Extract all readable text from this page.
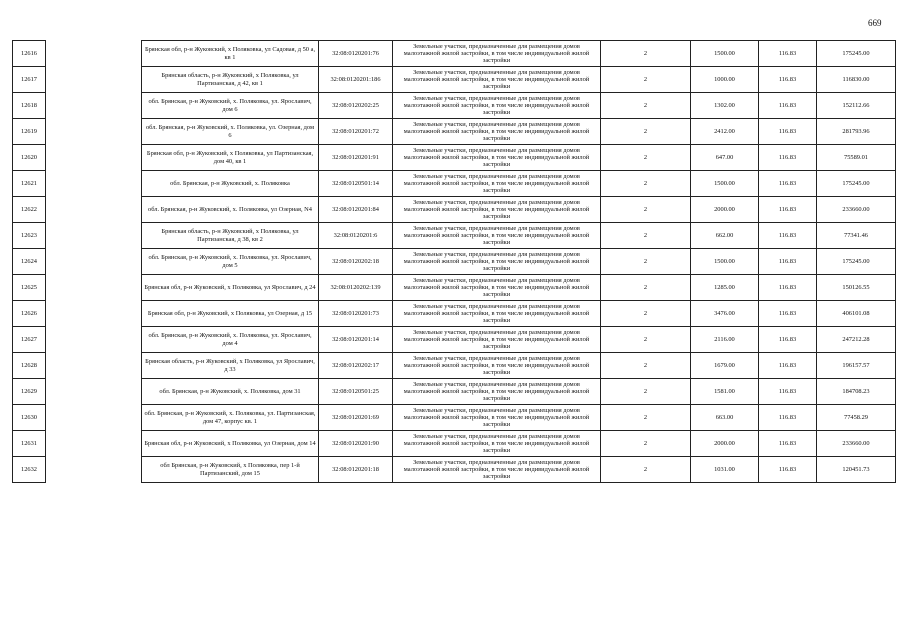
669
12616		Брянская обл, р-н Жуковский, х Поляковка, ул Садовая, д 50 а, кв 1	32:08:0120201:76	Земельные участки, предназначенные для размещения домов малоэтажной жилой застройки, в том числе индивидуальной жилой застройки	2	1500.00	116.83	175245.00
12617		Брянская область, р-н Жуковский, х Поляковка, ул Партизанская, д 42, кв 1	32:08:0120201:186	Земельные участки, предназначенные для размещения домов малоэтажной жилой застройки, в том числе индивидуальной жилой застройки	2	1000.00	116.83	116830.00
12618		обл. Брянская, р-н Жуковский, х. Поляковка, ул. Ярославич, дом 6	32:08:0120202:25	Земельные участки, предназначенные для размещения домов малоэтажной жилой застройки, в том числе индивидуальной жилой застройки	2	1302.00	116.83	152112.66
12619		обл. Брянская, р-н Жуковский, х. Поляковка, ул. Озерная, дом 6	32:08:0120201:72	Земельные участки, предназначенные для размещения домов малоэтажной жилой застройки, в том числе индивидуальной жилой застройки	2	2412.00	116.83	281793.96
12620		Брянская обл, р-н Жуковский, х Поляковка, ул Партизанская, дом 40, кв 1	32:08:0120201:91	Земельные участки, предназначенные для размещения домов малоэтажной жилой застройки, в том числе индивидуальной жилой застройки	2	647.00	116.83	75589.01
12621		обл. Брянская, р-н Жуковский, х. Поляковка	32:08:0120501:14	Земельные участки, предназначенные для размещения домов малоэтажной жилой застройки, в том числе индивидуальной жилой застройки	2	1500.00	116.83	175245.00
12622		обл. Брянская, р-н Жуковский, х. Поляковка, ул Озерная, N4	32:08:0120201:84	Земельные участки, предназначенные для размещения домов малоэтажной жилой застройки, в том числе индивидуальной жилой застройки	2	2000.00	116.83	233660.00
12623		Брянская область, р-н Жуковский, х Поляковка, ул Партизанская, д 38, кв 2	32:08:0120201:6	Земельные участки, предназначенные для размещения домов малоэтажной жилой застройки, в том числе индивидуальной жилой застройки	2	662.00	116.83	77341.46
12624		обл. Брянская, р-н Жуковский, х. Поляковка, ул. Ярославич, дом 5	32:08:0120202:18	Земельные участки, предназначенные для размещения домов малоэтажной жилой застройки, в том числе индивидуальной жилой застройки	2	1500.00	116.83	175245.00
12625		Брянская обл, р-н Жуковский, х Поляковка, ул Ярославич, д 24	32:08:0120202:139	Земельные участки, предназначенные для размещения домов малоэтажной жилой застройки, в том числе индивидуальной жилой застройки	2	1285.00	116.83	150126.55
12626		Брянская обл, р-н Жуковский, х Поляковка, ул Озерная, д 15	32:08:0120201:73	Земельные участки, предназначенные для размещения домов малоэтажной жилой застройки, в том числе индивидуальной жилой застройки	2	3476.00	116.83	406101.08
12627		обл. Брянская, р-н Жуковский, х. Поляковка, ул. Ярославич, дом 4	32:08:0120201:14	Земельные участки, предназначенные для размещения домов малоэтажной жилой застройки, в том числе индивидуальной жилой застройки	2	2116.00	116.83	247212.28
12628		Брянская область, р-н Жуковский, х Поляковка, ул Ярославич, д 33	32:08:0120202:17	Земельные участки, предназначенные для размещения домов малоэтажной жилой застройки, в том числе индивидуальной жилой застройки	2	1679.00	116.83	196157.57
12629		обл. Брянская, р-н Жуковский, х. Поляковка, дом 31	32:08:0120501:25	Земельные участки, предназначенные для размещения домов малоэтажной жилой застройки, в том числе индивидуальной жилой застройки	2	1581.00	116.83	184708.23
12630		обл. Брянская, р-н Жуковский, х. Поляковка, ул. Партизанская, дом 47, корпус кв. 1	32:08:0120201:69	Земельные участки, предназначенные для размещения домов малоэтажной жилой застройки, в том числе индивидуальной жилой застройки	2	663.00	116.83	77458.29
12631		Брянская обл, р-н Жуковский, х Поляковка, ул Озерная, дом 14	32:08:0120201:90	Земельные участки, предназначенные для размещения домов малоэтажной жилой застройки, в том числе индивидуальной жилой застройки	2	2000.00	116.83	233660.00
12632		обл Брянская, р-н Жуковский, х Поляковка, пер 1-й Партизанский, дом 15	32:08:0120201:18	Земельные участки, предназначенные для размещения домов малоэтажной жилой застройки, в том числе индивидуальной жилой застройки	2	1031.00	116.83	120451.73
